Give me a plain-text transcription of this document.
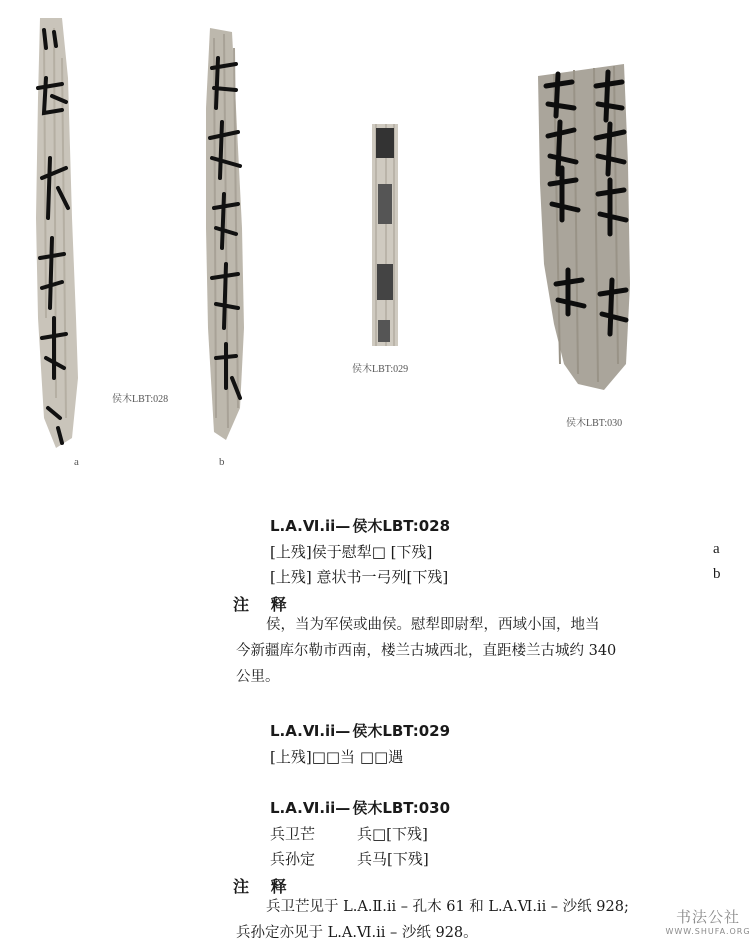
侯木LBT:028
a	b
侯木LBT:029
侯木LBT:030
L.A.Ⅵ.ii— 侯木LBT:028
[上残]侯于慰犁□ [下残]	a
[上残] 意状书一弓列[下残]	b
注 释
侯，当为军侯或曲侯。慰犁即尉犁，西域小国，地当
今新疆库尔勒市西南，楼兰古城西北，直距楼兰古城约 340
公里。
L.A.Ⅵ.ii— 侯木LBT:029
[上残]□□当 □□遇
L.A.Ⅵ.ii— 侯木LBT:030
兵卫芒	兵□[下残]
兵孙定	兵马[下残]
注 释
兵卫芒见于 L.A.Ⅱ.ii – 孔木 61 和 L.A.Ⅵ.ii – 沙纸 928;
兵孙定亦见于 L.A.Ⅵ.ii – 沙纸 928。
书法公社
WWW.SHUFA.ORG
